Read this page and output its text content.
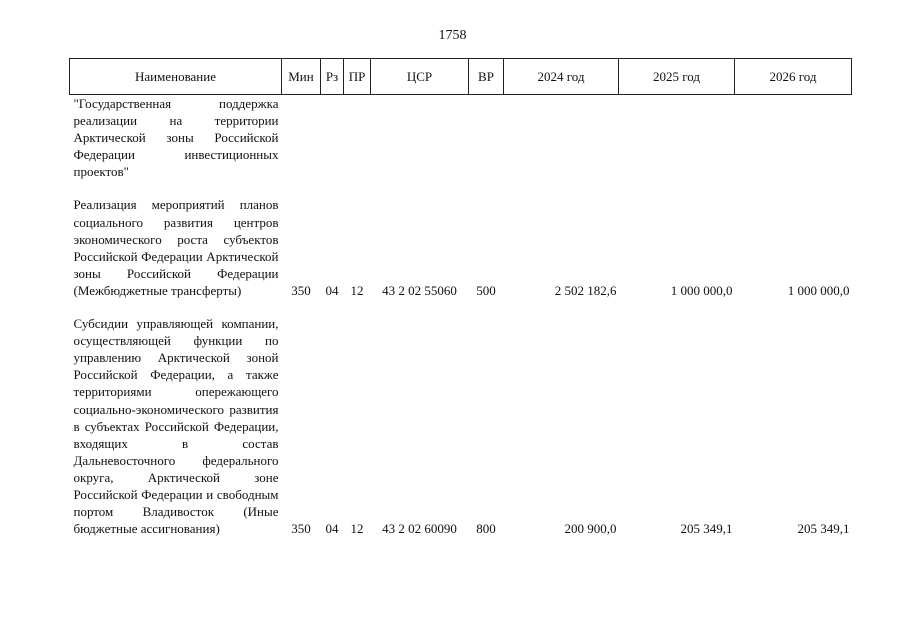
1758
Наименование	Мин	Рз	ПР	ЦСР	ВР	2024 год	2025 год	2026 год
"Государственная поддержка реализации на территории Арктической зоны Российской Федерации инвестиционных проектов"								

Реализация мероприятий планов социального развития центров экономического роста субъектов Российской Федерации Арктической зоны Российской Федерации (Межбюджетные трансферты)	350	04	12	43 2 02 55060	500	2 502 182,6	1 000 000,0	1 000 000,0

Субсидии управляющей компании, осуществляющей функции по управлению Арктической зоной Российской Федерации, а также территориями опережающего социально-экономического развития в субъектах Российской Федерации, входящих в состав Дальневосточного федерального округа, Арктической зоне Российской Федерации и свободным портом Владивосток (Иные бюджетные ассигнования)	350	04	12	43 2 02 60090	800	200 900,0	205 349,1	205 349,1
